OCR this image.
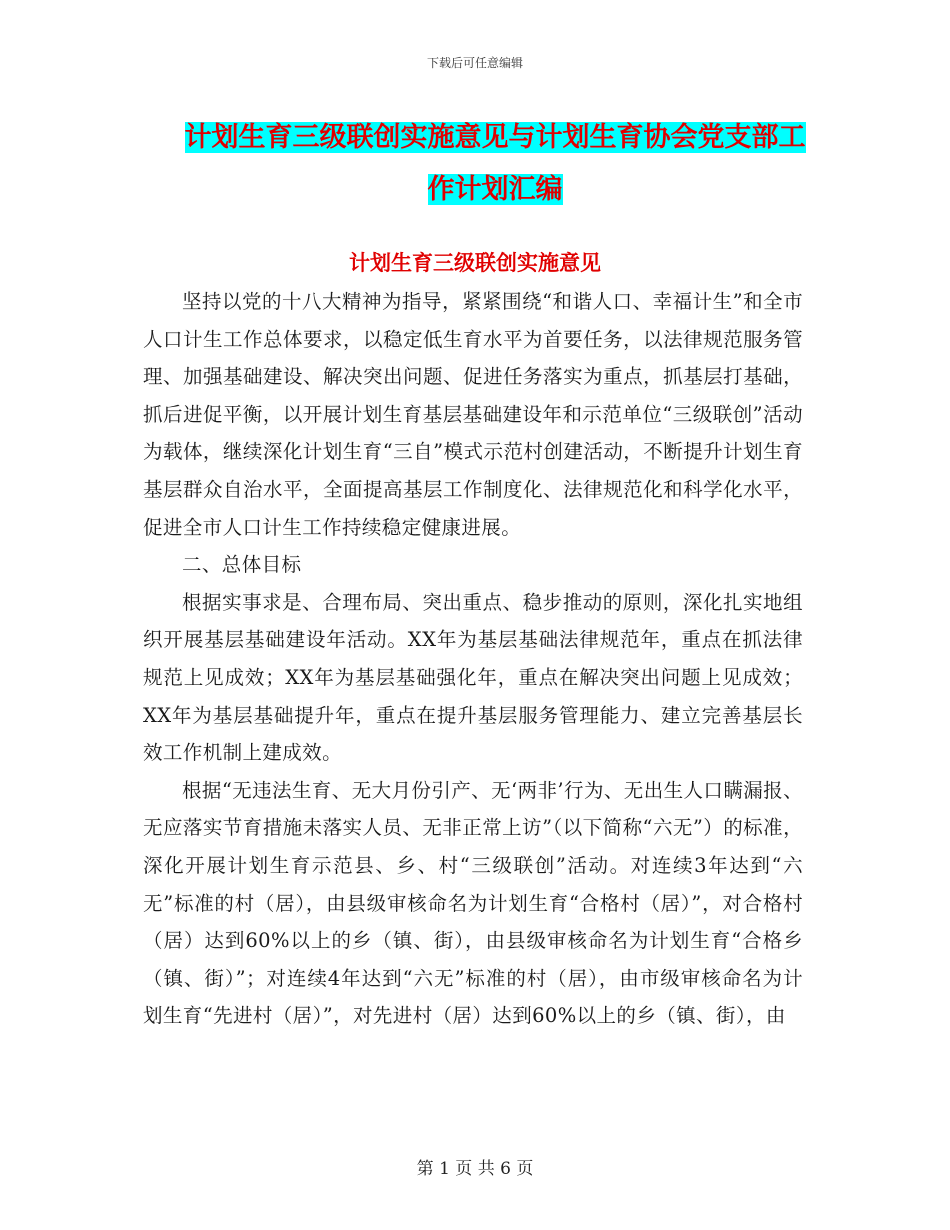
下载后可任意编辑
计划生育三级联创实施意见与计划生育协会党支部工
作计划汇编
计划生育三级联创实施意见

坚持以党的十八大精神为指导，紧紧围绕“和谐人口、幸福计生”和全市人口计生工作总体要求，以稳定低生育水平为首要任务，以法律规范服务管理、加强基础建设、解决突出问题、促进任务落实为重点，抓基层打基础，抓后进促平衡，以开展计划生育基层基础建设年和示范单位“三级联创”活动为载体，继续深化计划生育“三自”模式示范村创建活动，不断提升计划生育基层群众自治水平，全面提高基层工作制度化、法律规范化和科学化水平，促进全市人口计生工作持续稳定健康进展。

二、总体目标

根据实事求是、合理布局、突出重点、稳步推动的原则，深化扎实地组织开展基层基础建设年活动。XX年为基层基础法律规范年，重点在抓法律规范上见成效；XX年为基层基础强化年，重点在解决突出问题上见成效；XX年为基层基础提升年，重点在提升基层服务管理能力、建立完善基层长效工作机制上建成效。

根据“无违法生育、无大月份引产、无‘两非’行为、无出生人口瞒漏报、无应落实节育措施未落实人员、无非正常上访”（以下简称“六无”）的标准，深化开展计划生育示范县、乡、村“三级联创”活动。对连续3年达到“六无”标准的村（居），由县级审核命名为计划生育“合格村（居）”，对合格村（居）达到60%以上的乡（镇、街），由县级审核命名为计划生育“合格乡（镇、街）”；对连续4年达到“六无”标准的村（居），由市级审核命名为计划生育“先进村（居）”，对先进村（居）达到60%以上的乡（镇、街），由

第 1 页 共 6 页
